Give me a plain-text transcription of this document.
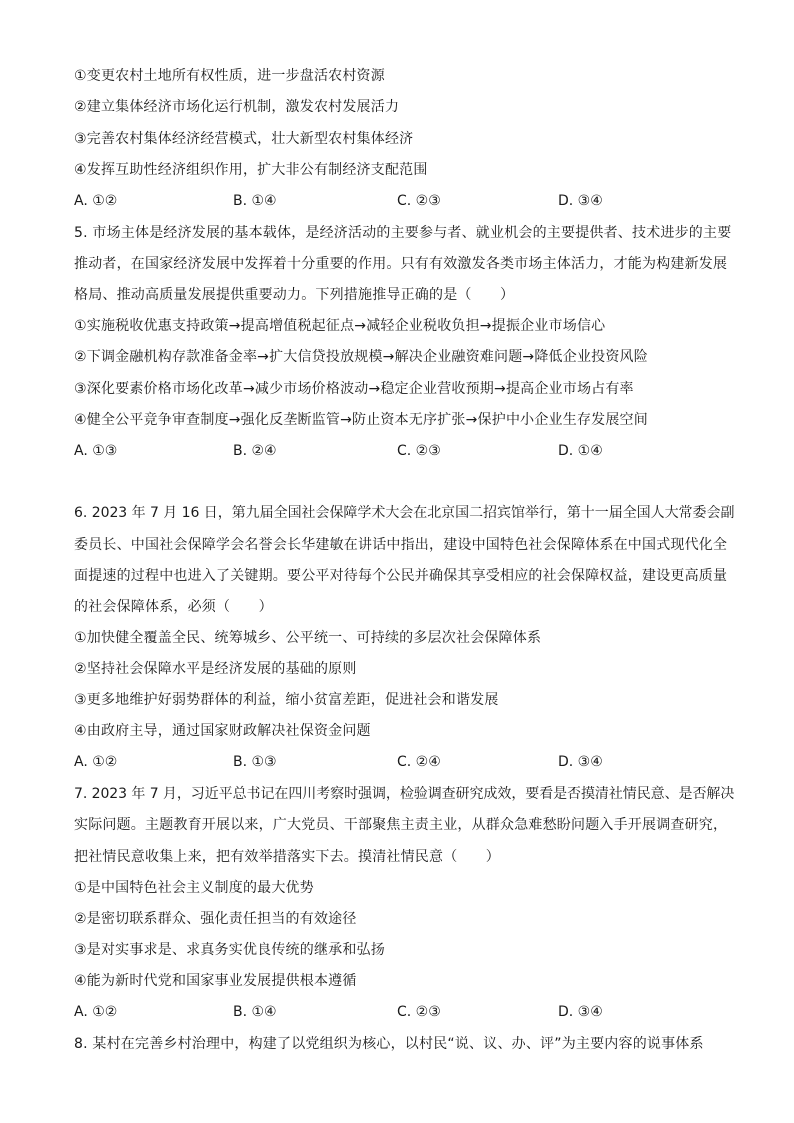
①变更农村土地所有权性质，进一步盘活农村资源
②建立集体经济市场化运行机制，激发农村发展活力
③完善农村集体经济经营模式，壮大新型农村集体经济
④发挥互助性经济组织作用，扩大非公有制经济支配范围
A. ①②	B. ①④	C. ②③	D. ③④
5. 市场主体是经济发展的基本载体，是经济活动的主要参与者、就业机会的主要提供者、技术进步的主要
推动者，在国家经济发展中发挥着十分重要的作用。只有有效激发各类市场主体活力，才能为构建新发展
格局、推动高质量发展提供重要动力。下列措施推导正确的是（　　）
①实施税收优惠支持政策→提高增值税起征点→减轻企业税收负担→提振企业市场信心
②下调金融机构存款准备金率→扩大信贷投放规模→解决企业融资难问题→降低企业投资风险
③深化要素价格市场化改革→减少市场价格波动→稳定企业营收预期→提高企业市场占有率
④健全公平竞争审查制度→强化反垄断监管→防止资本无序扩张→保护中小企业生存发展空间
A. ①③	B. ②④	C. ②③	D. ①④
6. 2023 年 7 月 16 日，第九届全国社会保障学术大会在北京国二招宾馆举行，第十一届全国人大常委会副
委员长、中国社会保障学会名誉会长华建敏在讲话中指出，建设中国特色社会保障体系在中国式现代化全
面提速的过程中也进入了关键期。要公平对待每个公民并确保其享受相应的社会保障权益，建设更高质量
的社会保障体系，必须（　　）
①加快健全覆盖全民、统筹城乡、公平统一、可持续的多层次社会保障体系
②坚持社会保障水平是经济发展的基础的原则
③更多地维护好弱势群体的利益，缩小贫富差距，促进社会和谐发展
④由政府主导，通过国家财政解决社保资金问题
A. ①②	B. ①③	C. ②④	D. ③④
7. 2023 年 7 月，习近平总书记在四川考察时强调，检验调查研究成效，要看是否摸清社情民意、是否解决
实际问题。主题教育开展以来，广大党员、干部聚焦主责主业，从群众急难愁盼问题入手开展调查研究，
把社情民意收集上来，把有效举措落实下去。摸清社情民意（　　）
①是中国特色社会主义制度的最大优势
②是密切联系群众、强化责任担当的有效途径
③是对实事求是、求真务实优良传统的继承和弘扬
④能为新时代党和国家事业发展提供根本遵循
A. ①②	B. ①④	C. ②③	D. ③④
8. 某村在完善乡村治理中，构建了以党组织为核心，以村民“说、议、办、评”为主要内容的说事体系
